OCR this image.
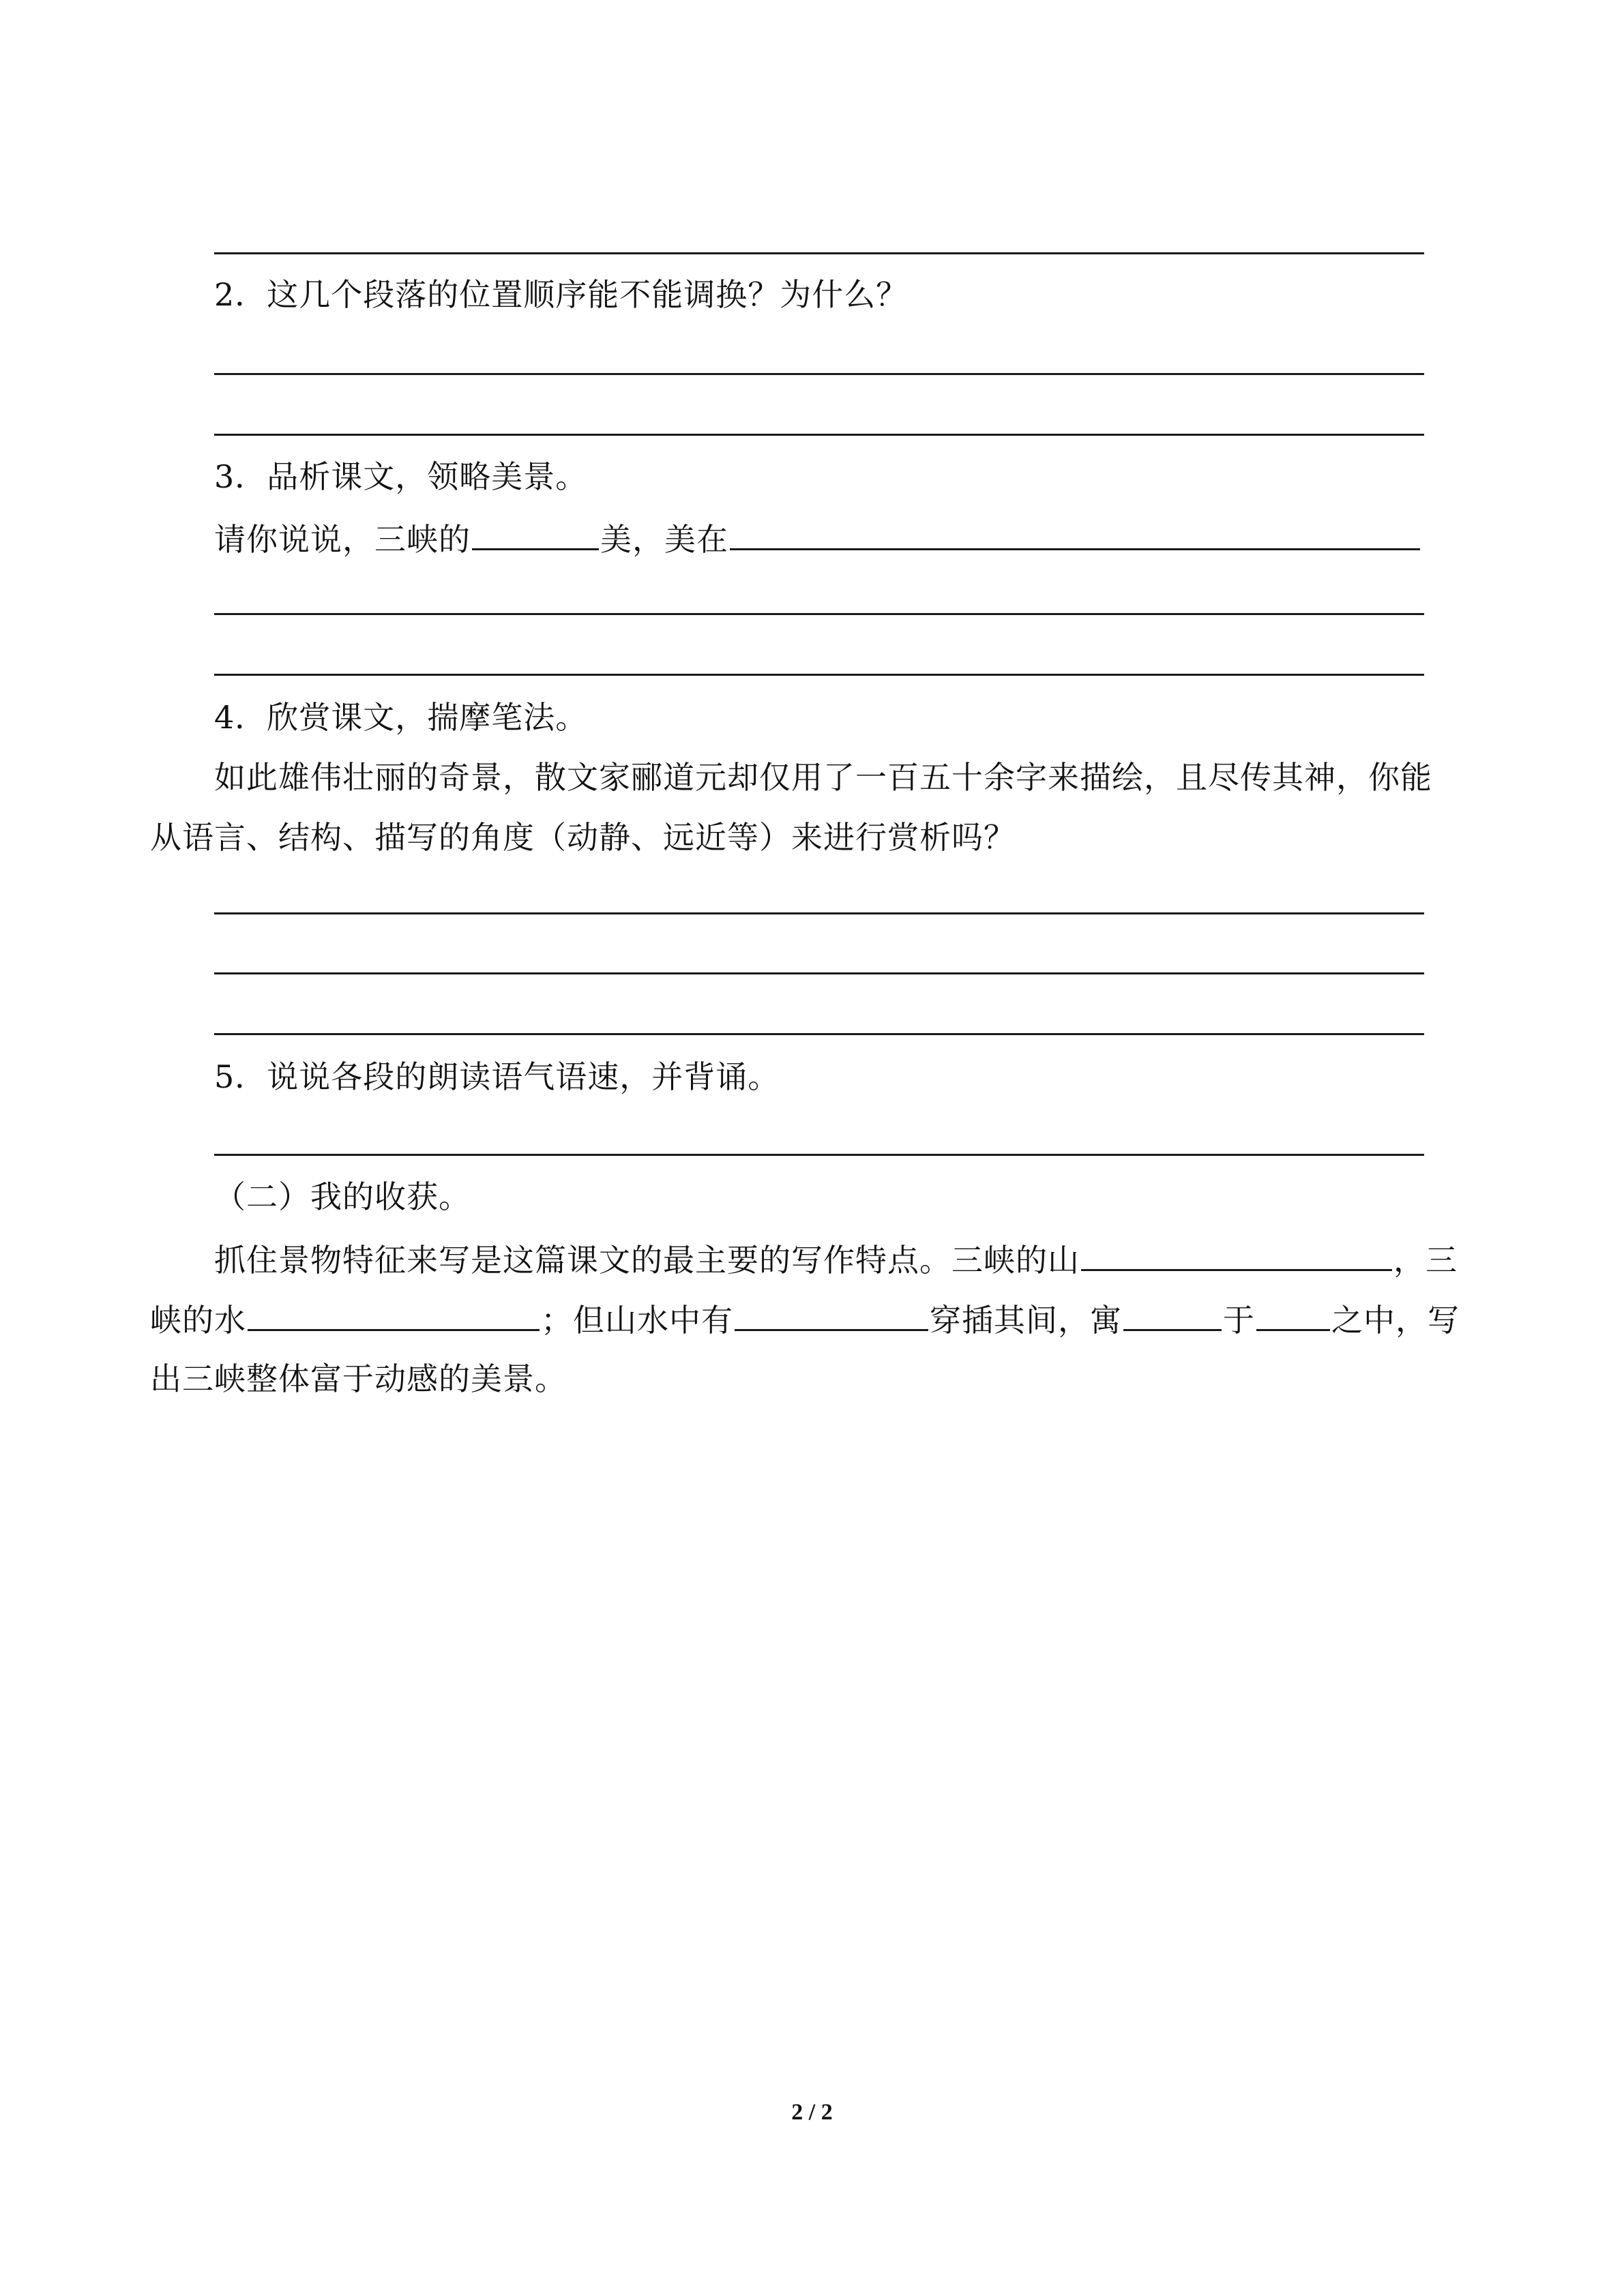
2．这几个段落的位置顺序能不能调换？为什么？
3．品析课文，领略美景。
请你说说，三峡的	美，美在
4．欣赏课文，揣摩笔法。
如此雄伟壮丽的奇景，散文家郦道元却仅用了一百五十余字来描绘，且尽传其神，你能
从语言、结构、描写的角度（动静、远近等）来进行赏析吗？
5．说说各段的朗读语气语速，并背诵。
（二）我的收获。
抓住景物特征来写是这篇课文的最主要的写作特点。三峡的山	，三
峡的水	；但山水中有	穿插其间，寓	于 之中，写
出三峡整体富于动感的美景。
2 / 2
